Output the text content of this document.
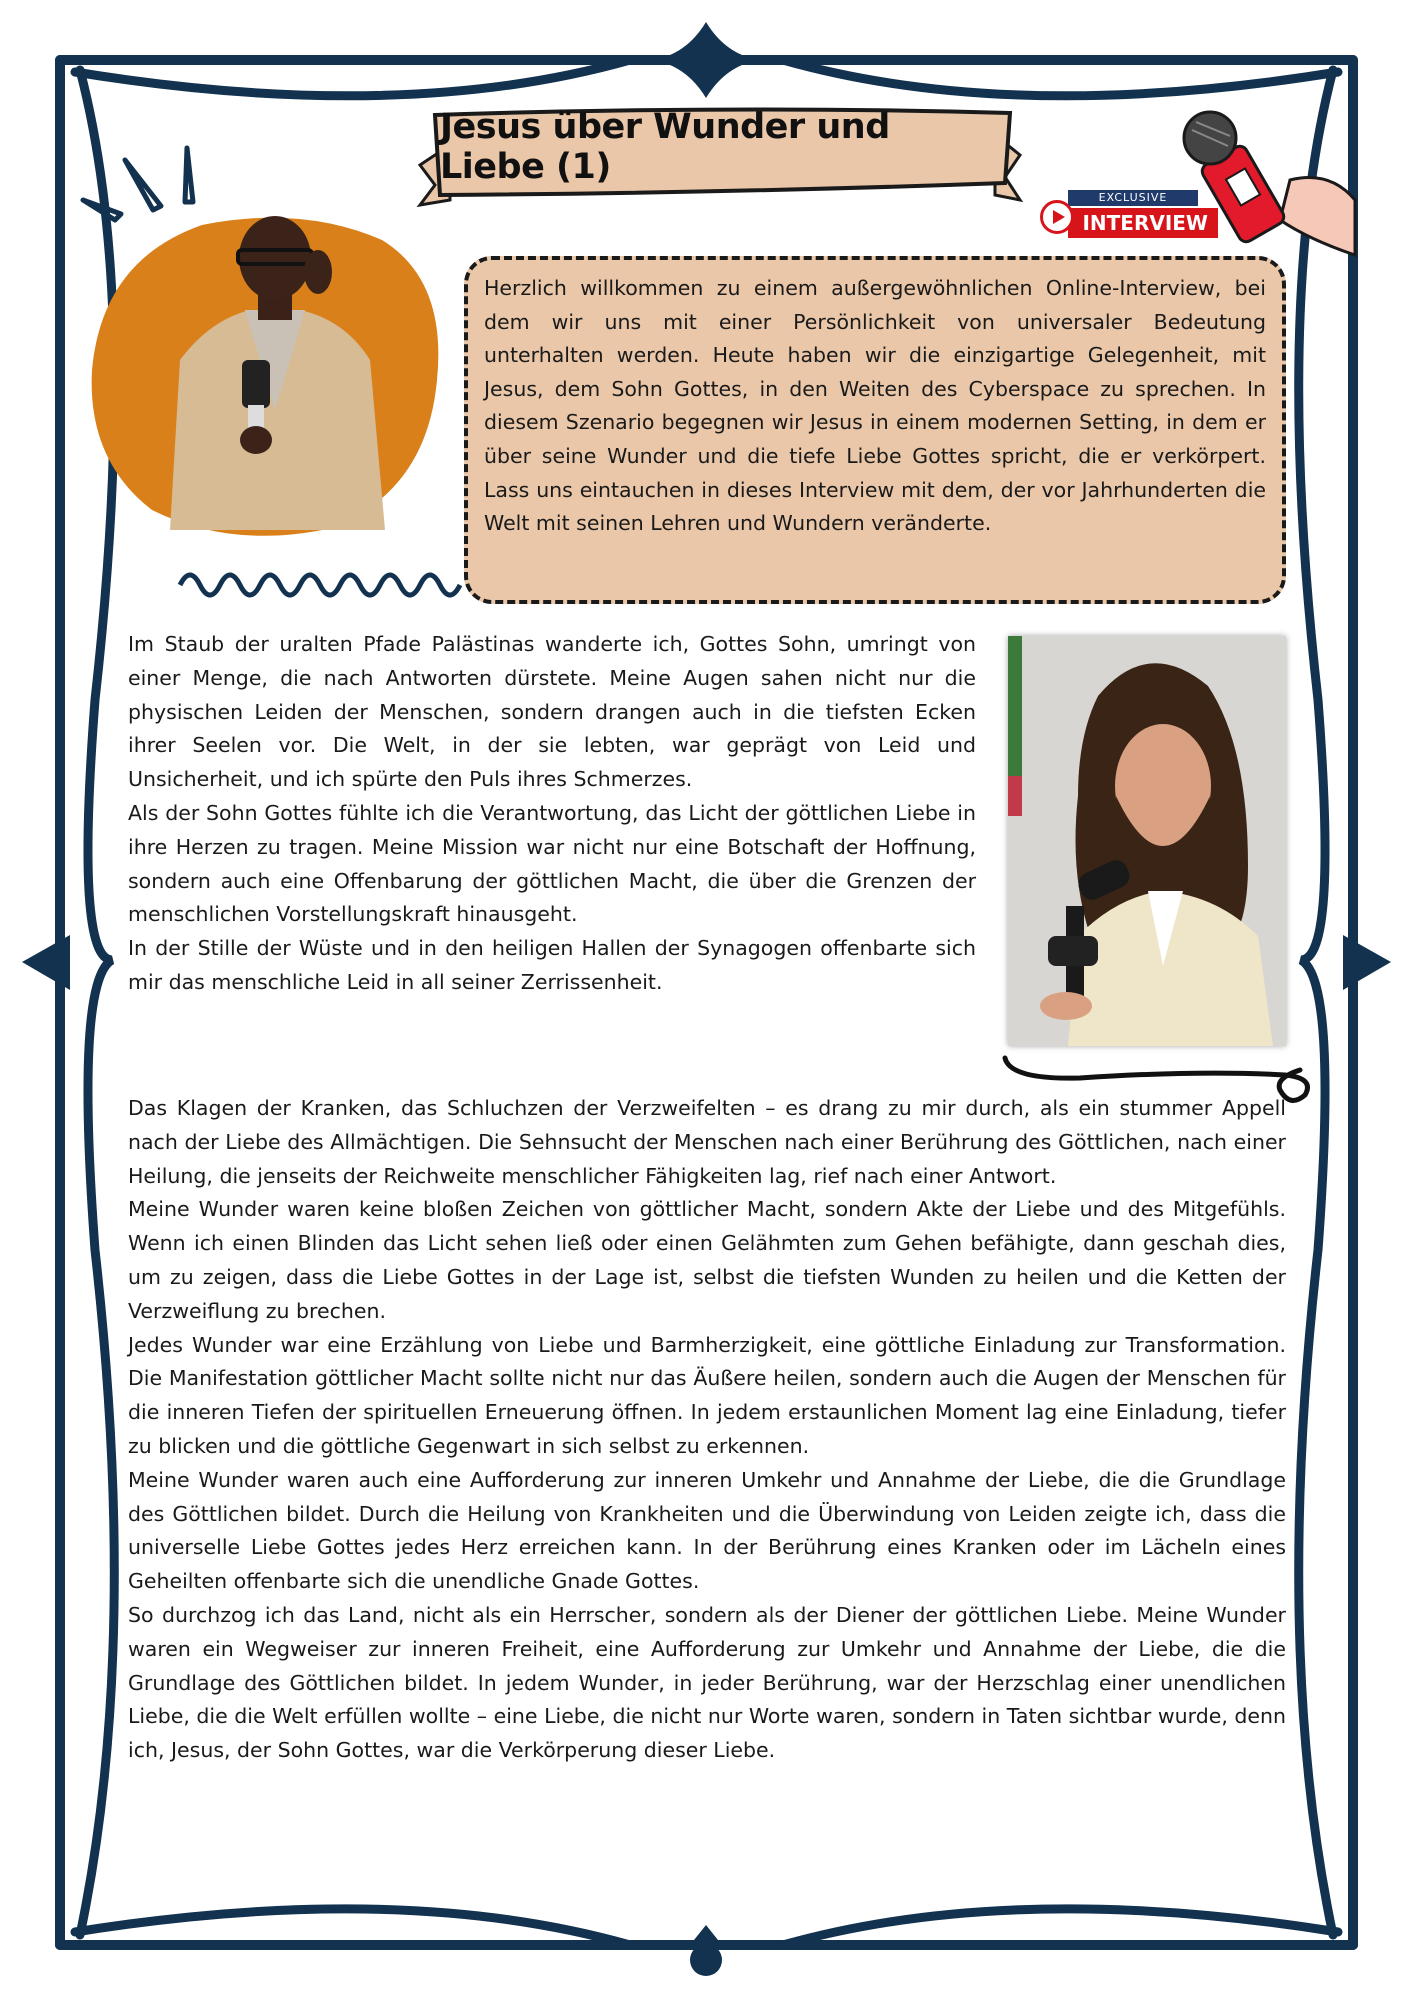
Jesus über Wunder und Liebe (1)
EXCLUSIVE
INTERVIEW

Herzlich willkommen zu einem außergewöhnlichen Online-Interview, bei dem wir uns mit einer Persönlichkeit von universaler Bedeutung unterhalten werden. Heute haben wir die einzigartige Gelegenheit, mit Jesus, dem Sohn Gottes, in den Weiten des Cyberspace zu sprechen. In diesem Szenario begegnen wir Jesus in einem modernen Setting, in dem er über seine Wunder und die tiefe Liebe Gottes spricht, die er verkörpert. Lass uns eintauchen in dieses Interview mit dem, der vor Jahrhunderten die Welt mit seinen Lehren und Wundern veränderte.

Im Staub der uralten Pfade Palästinas wanderte ich, Gottes Sohn, umringt von einer Menge, die nach Antworten dürstete. Meine Augen sahen nicht nur die physischen Leiden der Menschen, sondern drangen auch in die tiefsten Ecken ihrer Seelen vor. Die Welt, in der sie lebten, war geprägt von Leid und Unsicherheit, und ich spürte den Puls ihres Schmerzes.

Als der Sohn Gottes fühlte ich die Verantwortung, das Licht der göttlichen Liebe in ihre Herzen zu tragen. Meine Mission war nicht nur eine Botschaft der Hoffnung, sondern auch eine Offenbarung der göttlichen Macht, die über die Grenzen der menschlichen Vorstellungskraft hinausgeht.

In der Stille der Wüste und in den heiligen Hallen der Synagogen offenbarte sich mir das menschliche Leid in all seiner Zerrissenheit.

Das Klagen der Kranken, das Schluchzen der Verzweifelten – es drang zu mir durch, als ein stummer Appell nach der Liebe des Allmächtigen. Die Sehnsucht der Menschen nach einer Berührung des Göttlichen, nach einer Heilung, die jenseits der Reichweite menschlicher Fähigkeiten lag, rief nach einer Antwort.

Meine Wunder waren keine bloßen Zeichen von göttlicher Macht, sondern Akte der Liebe und des Mitgefühls. Wenn ich einen Blinden das Licht sehen ließ oder einen Gelähmten zum Gehen befähigte, dann geschah dies, um zu zeigen, dass die Liebe Gottes in der Lage ist, selbst die tiefsten Wunden zu heilen und die Ketten der Verzweiflung zu brechen.

Jedes Wunder war eine Erzählung von Liebe und Barmherzigkeit, eine göttliche Einladung zur Transformation. Die Manifestation göttlicher Macht sollte nicht nur das Äußere heilen, sondern auch die Augen der Menschen für die inneren Tiefen der spirituellen Erneuerung öffnen. In jedem erstaunlichen Moment lag eine Einladung, tiefer zu blicken und die göttliche Gegenwart in sich selbst zu erkennen.

Meine Wunder waren auch eine Aufforderung zur inneren Umkehr und Annahme der Liebe, die die Grundlage des Göttlichen bildet. Durch die Heilung von Krankheiten und die Überwindung von Leiden zeigte ich, dass die universelle Liebe Gottes jedes Herz erreichen kann. In der Berührung eines Kranken oder im Lächeln eines Geheilten offenbarte sich die unendliche Gnade Gottes.

So durchzog ich das Land, nicht als ein Herrscher, sondern als der Diener der göttlichen Liebe. Meine Wunder waren ein Wegweiser zur inneren Freiheit, eine Aufforderung zur Umkehr und Annahme der Liebe, die die Grundlage des Göttlichen bildet. In jedem Wunder, in jeder Berührung, war der Herzschlag einer unendlichen Liebe, die die Welt erfüllen wollte – eine Liebe, die nicht nur Worte waren, sondern in Taten sichtbar wurde, denn ich, Jesus, der Sohn Gottes, war die Verkörperung dieser Liebe.
